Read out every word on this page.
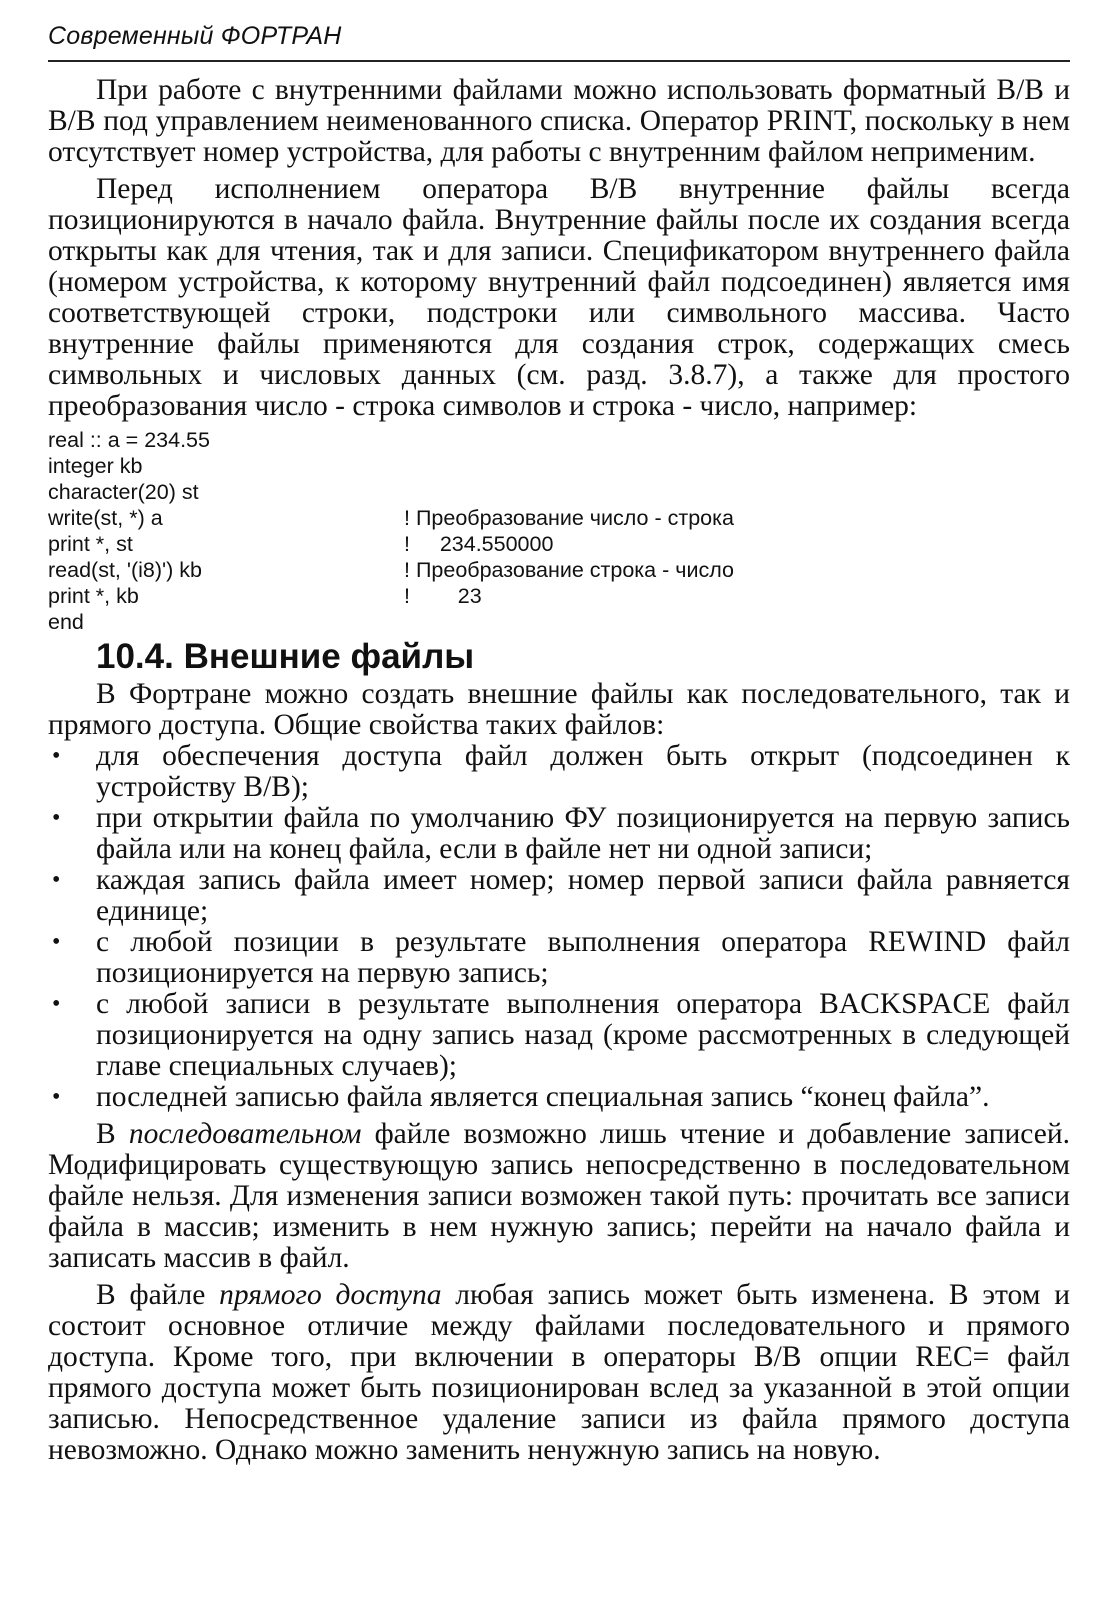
Современный ФОРТРАН

При работе с внутренними файлами можно использовать форматный В/В и В/В под управлением неименованного списка. Оператор PRINT, поскольку в нем отсутствует номер устройства, для работы с внутренним файлом неприменим.

Перед исполнением оператора В/В внутренние файлы всегда позиционируются в начало файла. Внутренние файлы после их создания всегда открыты как для чтения, так и для записи. Спецификатором внутреннего файла (номером устройства, к которому внутренний файл подсоединен) является имя соответствующей строки, подстроки или символьного массива. Часто внутренние файлы применяются для создания строк, содержащих смесь символьных и числовых данных (см. разд. 3.8.7), а также для простого преобразования число - строка символов и строка - число, например:

real :: a = 234.55
integer kb
character(20) st
write(st, *) a	! Преобразование число - строка
print *, st	!     234.550000
read(st, '(i8)') kb	! Преобразование строка - число
print *, kb	!        23
end
10.4. Внешние файлы

В Фортране можно создать внешние файлы как последовательного, так и прямого доступа. Общие свойства таких файлов:

• для обеспечения доступа файл должен быть открыт (подсоединен к устройству В/В);
• при открытии файла по умолчанию ФУ позиционируется на первую запись файла или на конец файла, если в файле нет ни одной записи;
• каждая запись файла имеет номер; номер первой записи файла равняется единице;
• с любой позиции в результате выполнения оператора REWIND файл позиционируется на первую запись;
• с любой записи в результате выполнения оператора BACKSPACE файл позиционируется на одну запись назад (кроме рассмотренных в следующей главе специальных случаев);
• последней записью файла является специальная запись “конец файла”.

В последовательном файле возможно лишь чтение и добавление записей. Модифицировать существующую запись непосредственно в последовательном файле нельзя. Для изменения записи возможен такой путь: прочитать все записи файла в массив; изменить в нем нужную запись; перейти на начало файла и записать массив в файл.

В файле прямого доступа любая запись может быть изменена. В этом и состоит основное отличие между файлами последовательного и прямого доступа. Кроме того, при включении в операторы В/В опции REC= файл прямого доступа может быть позиционирован вслед за указанной в этой опции записью. Непосредственное удаление записи из файла прямого доступа невозможно. Однако можно заменить ненужную запись на новую.
